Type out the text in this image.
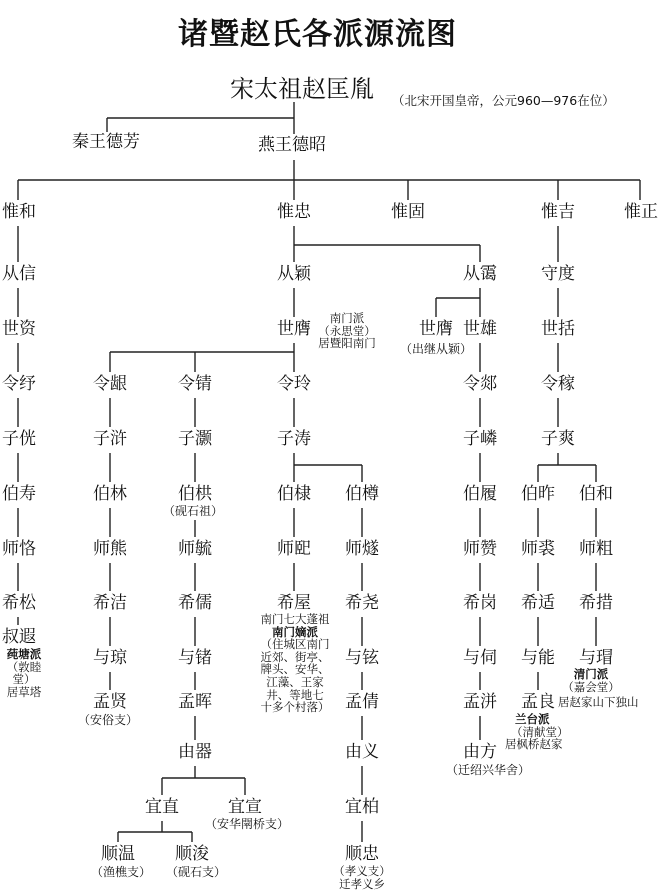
诸暨赵氏各派源流图
宋太祖赵匡胤 （北宋开国皇帝，公元960—976在位）
秦王德芳	燕王德昭
惟和	惟忠	惟固	惟吉	惟正
从信	从颖	从霭	守度
世资	世膺
南门派
（永思堂）
居暨阳南门
世膺 世雄
（出继从颖）
世括
令纾	令龈	令锖	令玲	令郯	令稼
子侊	子浒	子灏	子涛	子嶙	子爽
伯寿	伯林	伯栱
（砚石祖）
伯棣 伯樽	伯履 伯昨 伯和
师恪	师熊	师毓	师巸 师燧	师赞 师裘 师粗
希松	希洁	希儒	希屋
南门七大蓬祖
南门嫡派
（住城区南门
近郊、街亭、
牌头、安华、
江藻、王家
井、等地七
十多个村落）
希尧	希岗 希适 希措
叔遐
莼塘派
（敦睦堂）
居草塔
与琼	与锗	与铉	与伺 与能 与瑁
清门派
（嘉会堂）
居赵家山下独山
孟贤
（安俗支）
孟晖	孟倩	孟洴 孟良
兰台派
（清献堂）
居枫桥赵家
由器	由义	由方
（迁绍兴华舍）
宜直	宜宣
（安华閛桥支）
宜柏
顺温
（渔樵支）
顺浚
（砚石支）
顺忠
（孝义支）
迁孝义乡
